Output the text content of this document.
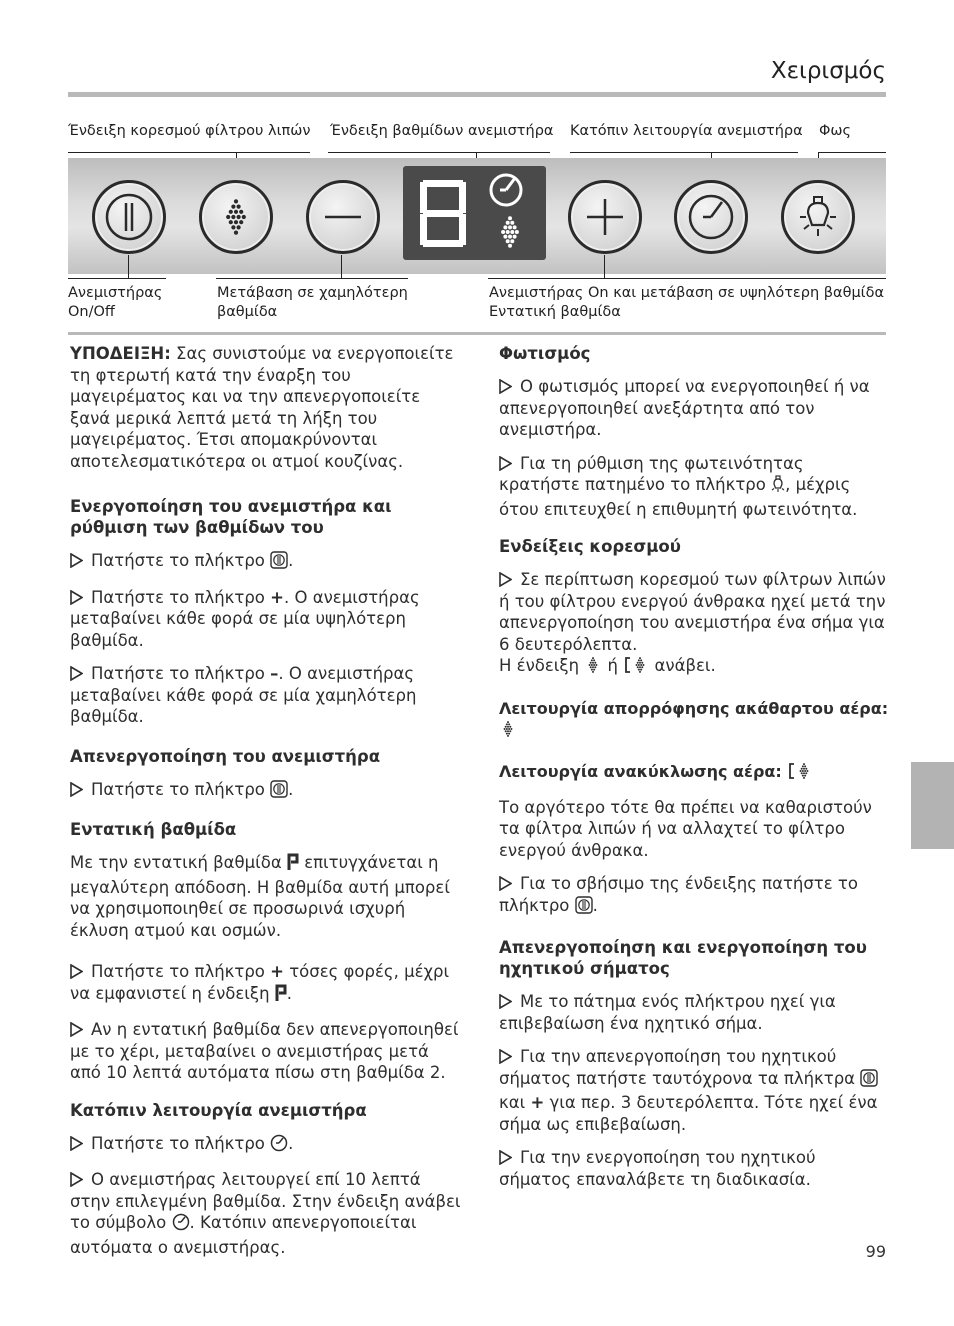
Χειρισμός
Ένδειξη κορεσμού φίλτρου λιπών Ένδειξη βαθμίδων ανεμιστήρα Κατόπιν λειτουργία ανεμιστήρα Φως
Ανεμιστήρας
On/Off
Μετάβαση σε χαμηλότερη
βαθμίδα
Ανεμιστήρας On και μετάβαση σε υψηλότερη βαθμίδα
Εντατική βαθμίδα

ΥΠΟΔΕΙΞΗ: Σας συνιστούμε να ενεργοποιείτε τη φτερωτή κατά την έναρξη του μαγειρέματος και να την απενεργοποιείτε ξανά μερικά λεπτά μετά τη λήξη του μαγειρέματος. Έτσι απομακρύνονται αποτελεσματικότερα οι ατμοί κουζίνας.

Ενεργοποίηση του ανεμιστήρα και ρύθμιση των βαθμίδων του

Πατήστε το πλήκτρο .

Πατήστε το πλήκτρο +. Ο ανεμιστήρας μεταβαίνει κάθε φορά σε μία υψηλότερη βαθμίδα.

Πατήστε το πλήκτρο –. Ο ανεμιστήρας μεταβαίνει κάθε φορά σε μία χαμηλότερη βαθμίδα.

Απενεργοποίηση του ανεμιστήρα

Πατήστε το πλήκτρο .

Εντατική βαθμίδα

Με την εντατική βαθμίδα  επιτυγχάνεται η μεγαλύτερη απόδοση. Η βαθμίδα αυτή μπορεί να χρησιμοποιηθεί σε προσωρινά ισχυρή έκλυση ατμού και οσμών.

Πατήστε το πλήκτρο + τόσες φορές, μέχρι να εμφανιστεί η ένδειξη .

Αν η εντατική βαθμίδα δεν απενεργοποιηθεί με το χέρι, μεταβαίνει ο ανεμιστήρας μετά από 10 λεπτά αυτόματα πίσω στη βαθμίδα 2.

Κατόπιν λειτουργία ανεμιστήρα

Πατήστε το πλήκτρο .

Ο ανεμιστήρας λειτουργεί επί 10 λεπτά στην επιλεγμένη βαθμίδα. Στην ένδειξη ανάβει το σύμβολο . Κατόπιν απενεργοποιείται αυτόματα ο ανεμιστήρας.

Φωτισμός

Ο φωτισμός μπορεί να ενεργοποιηθεί ή να απενεργοποιηθεί ανεξάρτητα από τον ανεμιστήρα.

Για τη ρύθμιση της φωτεινότητας κρατήστε πατημένο το πλήκτρο , μέχρις ότου επιτευχθεί η επιθυμητή φωτεινότητα.

Ενδείξεις κορεσμού

Σε περίπτωση κορεσμού των φίλτρων λιπών ή του φίλτρου ενεργού άνθρακα ηχεί μετά την απενεργοποίηση του ανεμιστήρα ένα σήμα για 6 δευτερόλεπτα.
Η ένδειξη ή ανάβει.

Λειτουργία απορρόφησης ακάθαρτου αέρα:
Λειτουργία ανακύκλωσης αέρα:

Το αργότερο τότε θα πρέπει να καθαριστούν τα φίλτρα λιπών ή να αλλαχτεί το φίλτρο ενεργού άνθρακα.

Για το σβήσιμο της ένδειξης πατήστε το πλήκτρο .

Απενεργοποίηση και ενεργοποίηση του ηχητικού σήματος

Με το πάτημα ενός πλήκτρου ηχεί για επιβεβαίωση ένα ηχητικό σήμα.

Για την απενεργοποίηση του ηχητικού σήματος πατήστε ταυτόχρονα τα πλήκτρα  και + για περ. 3 δευτερόλεπτα. Τότε ηχεί ένα σήμα ως επιβεβαίωση.

Για την ενεργοποίηση του ηχητικού σήματος επαναλάβετε τη διαδικασία.

99
